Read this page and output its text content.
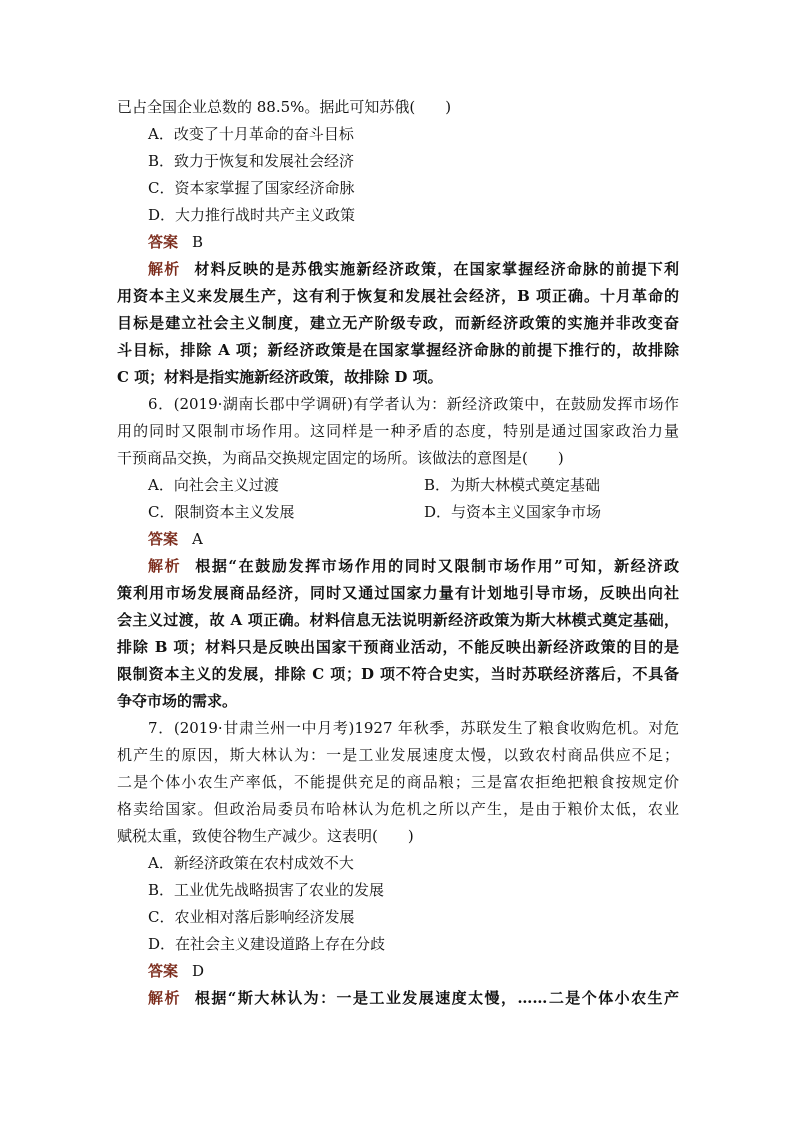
已占全国企业总数的 88.5%。据此可知苏俄(　　)
A．改变了十月革命的奋斗目标
B．致力于恢复和发展社会经济
C．资本家掌握了国家经济命脉
D．大力推行战时共产主义政策
答案 B
解析 材料反映的是苏俄实施新经济政策，在国家掌握经济命脉的前提下利
用资本主义来发展生产，这有利于恢复和发展社会经济，B 项正确。十月革命的
目标是建立社会主义制度，建立无产阶级专政，而新经济政策的实施并非改变奋
斗目标，排除 A 项；新经济政策是在国家掌握经济命脉的前提下推行的，故排除
C 项；材料是指实施新经济政策，故排除 D 项。
6．(2019·湖南长郡中学调研)有学者认为：新经济政策中，在鼓励发挥市场作
用的同时又限制市场作用。这同样是一种矛盾的态度，特别是通过国家政治力量
干预商品交换，为商品交换规定固定的场所。该做法的意图是(　　)
A．向社会主义过渡	B．为斯大林模式奠定基础
C．限制资本主义发展	D．与资本主义国家争市场
答案 A
解析 根据“在鼓励发挥市场作用的同时又限制市场作用”可知，新经济政
策利用市场发展商品经济，同时又通过国家力量有计划地引导市场，反映出向社
会主义过渡，故 A 项正确。材料信息无法说明新经济政策为斯大林模式奠定基础，
排除 B 项；材料只是反映出国家干预商业活动，不能反映出新经济政策的目的是
限制资本主义的发展，排除 C 项；D 项不符合史实，当时苏联经济落后，不具备
争夺市场的需求。
7．(2019·甘肃兰州一中月考)1927 年秋季，苏联发生了粮食收购危机。对危
机产生的原因，斯大林认为：一是工业发展速度太慢，以致农村商品供应不足；
二是个体小农生产率低，不能提供充足的商品粮；三是富农拒绝把粮食按规定价
格卖给国家。但政治局委员布哈林认为危机之所以产生，是由于粮价太低，农业
赋税太重，致使谷物生产减少。这表明(　　)
A．新经济政策在农村成效不大
B．工业优先战略损害了农业的发展
C．农业相对落后影响经济发展
D．在社会主义建设道路上存在分歧
答案 D
解析 根据“斯大林认为：一是工业发展速度太慢，……二是个体小农生产
